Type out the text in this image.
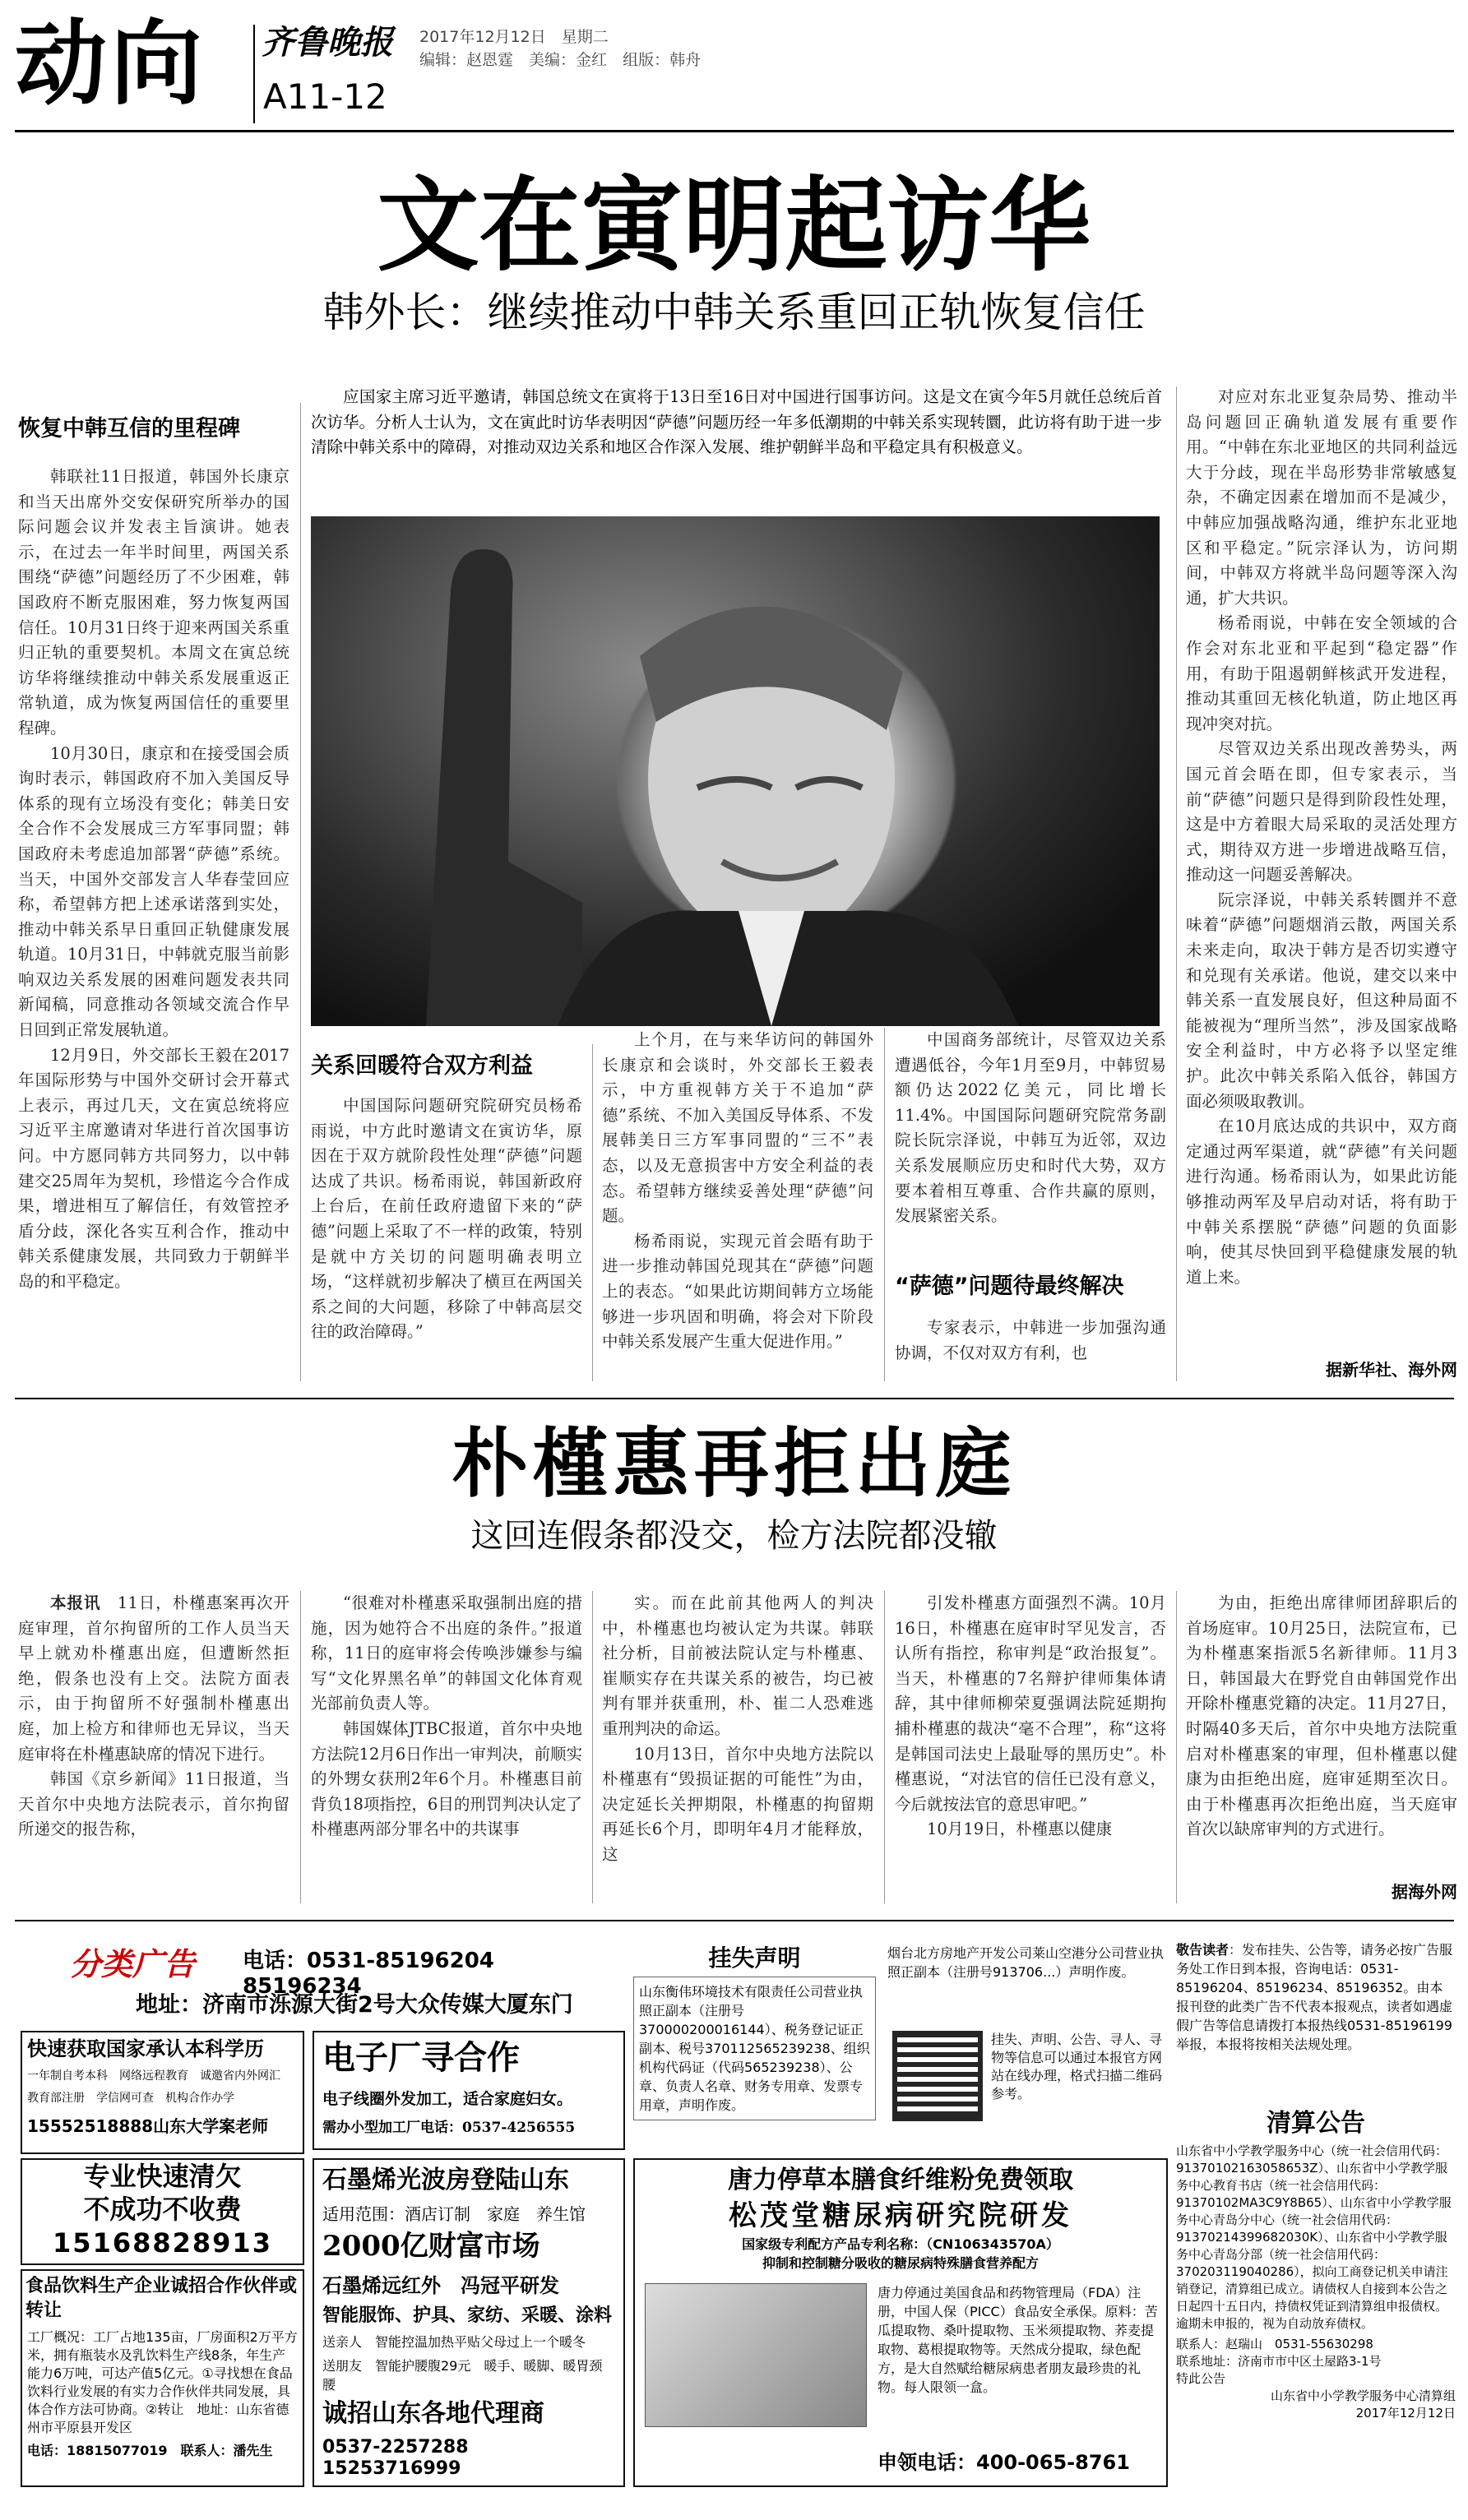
动向	齐鲁晚报	2017年12月12日　 星期二
编辑：赵恩霆　 美编：金红　 组版：韩舟
A11-12
文在寅明起访华
韩外长：继续推动中韩关系重回正轨恢复信任
恢复中韩互信的里程碑

韩联社11日报道，韩国外长康京和当天出席外交安保研究所举办的国际问题会议并发表主旨演讲。她表示，在过去一年半时间里，两国关系围绕“萨德”问题经历了不少困难，韩国政府不断克服困难，努力恢复两国信任。10月31日终于迎来两国关系重归正轨的重要契机。本周文在寅总统访华将继续推动中韩关系发展重返正常轨道，成为恢复两国信任的重要里程碑。

10月30日，康京和在接受国会质询时表示，韩国政府不加入美国反导体系的现有立场没有变化；韩美日安全合作不会发展成三方军事同盟；韩国政府未考虑追加部署“萨德”系统。当天，中国外交部发言人华春莹回应称，希望韩方把上述承诺落到实处，推动中韩关系早日重回正轨健康发展轨道。10月31日，中韩就克服当前影响双边关系发展的困难问题发表共同新闻稿，同意推动各领域交流合作早日回到正常发展轨道。

12月9日，外交部长王毅在2017年国际形势与中国外交研讨会开幕式上表示，再过几天，文在寅总统将应习近平主席邀请对华进行首次国事访问。中方愿同韩方共同努力，以中韩建交25周年为契机，珍惜迄今合作成果，增进相互了解信任，有效管控矛盾分歧，深化各实互利合作，推动中韩关系健康发展，共同致力于朝鲜半岛的和平稳定。

应国家主席习近平邀请，韩国总统文在寅将于13日至16日对中国进行国事访问。这是文在寅今年5月就任总统后首次访华。分析人士认为，文在寅此时访华表明因“萨德”问题历经一年多低潮期的中韩关系实现转圜，此访将有助于进一步清除中韩关系中的障碍，对推动双边关系和地区合作深入发展、维护朝鲜半岛和平稳定具有积极意义。
关系回暖符合双方利益

中国国际问题研究院研究员杨希雨说，中方此时邀请文在寅访华，原因在于双方就阶段性处理“萨德”问题达成了共识。杨希雨说，韩国新政府上台后，在前任政府遗留下来的“萨德”问题上采取了不一样的政策，特别是就中方关切的问题明确表明立场，“这样就初步解决了横亘在两国关系之间的大问题，移除了中韩高层交往的政治障碍。”

上个月，在与来华访问的韩国外长康京和会谈时，外交部长王毅表示，中方重视韩方关于不追加“萨德”系统、不加入美国反导体系、不发展韩美日三方军事同盟的“三不”表态，以及无意损害中方安全利益的表态。希望韩方继续妥善处理“萨德”问题。

杨希雨说，实现元首会晤有助于进一步推动韩国兑现其在“萨德”问题上的表态。“如果此访期间韩方立场能够进一步巩固和明确，将会对下阶段中韩关系发展产生重大促进作用。”

中国商务部统计，尽管双边关系遭遇低谷，今年1月至9月，中韩贸易额仍达2022亿美元，同比增长11.4%。中国国际问题研究院常务副院长阮宗泽说，中韩互为近邻，双边关系发展顺应历史和时代大势，双方要本着相互尊重、合作共赢的原则，发展紧密关系。

“萨德”问题待最终解决

专家表示，中韩进一步加强沟通协调，不仅对双方有利，也

对应对东北亚复杂局势、推动半岛问题回正确轨道发展有重要作用。“中韩在东北亚地区的共同利益远大于分歧，现在半岛形势非常敏感复杂，不确定因素在增加而不是减少，中韩应加强战略沟通，维护东北亚地区和平稳定。”阮宗泽认为，访问期间，中韩双方将就半岛问题等深入沟通，扩大共识。

杨希雨说，中韩在安全领域的合作会对东北亚和平起到“稳定器”作用，有助于阻遏朝鲜核武开发进程，推动其重回无核化轨道，防止地区再现冲突对抗。

尽管双边关系出现改善势头，两国元首会晤在即，但专家表示，当前“萨德”问题只是得到阶段性处理，这是中方着眼大局采取的灵活处理方式，期待双方进一步增进战略互信，推动这一问题妥善解决。

阮宗泽说，中韩关系转圜并不意味着“萨德”问题烟消云散，两国关系未来走向，取决于韩方是否切实遵守和兑现有关承诺。他说，建交以来中韩关系一直发展良好，但这种局面不能被视为“理所当然”，涉及国家战略安全利益时，中方必将予以坚定维护。此次中韩关系陷入低谷，韩国方面必须吸取教训。

在10月底达成的共识中，双方商定通过两军渠道，就“萨德”有关问题进行沟通。杨希雨认为，如果此访能够推动两军及早启动对话，将有助于中韩关系摆脱“萨德”问题的负面影响，使其尽快回到平稳健康发展的轨道上来。

据新华社、海外网
朴槿惠再拒出庭
这回连假条都没交，检方法院都没辙

本报讯　 11日，朴槿惠案再次开庭审理，首尔拘留所的工作人员当天早上就劝朴槿惠出庭，但遭断然拒绝，假条也没有上交。法院方面表示，由于拘留所不好强制朴槿惠出庭，加上检方和律师也无异议，当天庭审将在朴槿惠缺席的情况下进行。

韩国《京乡新闻》11日报道，当天首尔中央地方法院表示，首尔拘留所递交的报告称，

“很难对朴槿惠采取强制出庭的措施，因为她符合不出庭的条件。”报道称，11日的庭审将会传唤涉嫌参与编写“文化界黑名单”的韩国文化体育观光部前负责人等。

韩国媒体JTBC报道，首尔中央地方法院12月6日作出一审判决，前顺实的外甥女获刑2年6个月。朴槿惠目前背负18项指控，6目的刑罚判决认定了朴槿惠两部分罪名中的共谋事

实。而在此前其他两人的判决中，朴槿惠也均被认定为共谋。韩联社分析，目前被法院认定与朴槿惠、崔顺实存在共谋关系的被告，均已被判有罪并获重刑，朴、崔二人恐难逃重刑判决的命运。

10月13日，首尔中央地方法院以朴槿惠有“毁损证据的可能性”为由，决定延长关押期限，朴槿惠的拘留期再延长6个月，即明年4月才能释放，这

引发朴槿惠方面强烈不满。10月16日，朴槿惠在庭审时罕见发言，否认所有指控，称审判是“政治报复”。当天，朴槿惠的7名辩护律师集体请辞，其中律师柳荣夏强调法院延期拘捕朴槿惠的裁决“毫不合理”，称“这将是韩国司法史上最耻辱的黑历史”。朴槿惠说，“对法官的信任已没有意义，今后就按法官的意思审吧。”

10月19日，朴槿惠以健康

为由，拒绝出席律师团辞职后的首场庭审。10月25日，法院宣布，已为朴槿惠案指派5名新律师。11月3日，韩国最大在野党自由韩国党作出开除朴槿惠党籍的决定。11月27日，时隔40多天后，首尔中央地方法院重启对朴槿惠案的审理，但朴槿惠以健康为由拒绝出庭，庭审延期至次日。由于朴槿惠再次拒绝出庭，当天庭审首次以缺席审判的方式进行。

据海外网
分类广告	电话：0531-85196204　85196234
地址：济南市泺源大街2号大众传媒大厦东门
快速获取国家承认本科学历
一年制自考本科　网络远程教育　诚邀省内外网汇
教育部注册　学信网可查　机构合作办学
15552518888山东大学案老师
专业快速清欠
不成功不收费
15168828913
食品饮料生产企业诚招合作伙伴或转让
工厂概况：工厂占地135亩，厂房面积2万平方米，拥有瓶装水及乳饮料生产线8条，年生产能力6万吨，可达产值5亿元。①寻找想在食品饮料行业发展的有实力合作伙伴共同发展，具体合作方法可协商。②转让　地址：山东省德州市平原县开发区
电话：18815077019　联系人：潘先生
电子厂寻合作
电子线圈外发加工，适合家庭妇女。
需办小型加工厂电话：0537-4256555
石墨烯光波房登陆山东
适用范围：酒店订制　家庭　养生馆
2000亿财富市场
石墨烯远红外　冯冠平研发
智能服饰、护具、家纺、采暖、涂料
送亲人　智能控温加热平贴父母过上一个暖冬
送朋友　智能护腰腹29元　暖手、暖脚、暖胃颈腰
诚招山东各地代理商
0537-2257288　15253716999
挂失声明
山东衡伟环境技术有限责任公司营业执照正副本（注册号370000200016144）、税务登记证正副本、税号370112565239238、组织机构代码证（代码565239238）、公章、负责人名章、财务专用章、发票专用章，声明作废。
烟台北方房地产开发公司莱山空港分公司营业执照正副本（注册号913706...）声明作废。
挂失、声明、公告、寻人、寻物等信息可以通过本报官方网站在线办理，格式扫描二维码参考。
敬告读者：发布挂失、公告等，请务必按广告服务处工作日到本报，咨询电话：0531-85196204、85196234、85196352。由本报刊登的此类广告不代表本报观点，读者如遇虚假广告等信息请拨打本报热线0531-85196199举报，本报将按相关法规处理。
唐力停草本膳食纤维粉免费领取
松茂堂糖尿病研究院研发
国家级专利配方产品专利名称：（CN106343570A）
抑制和控制糖分吸收的糖尿病特殊膳食营养配方
唐力停通过美国食品和药物管理局（FDA）注册，中国人保（PICC）食品安全承保。原料：苦瓜提取物、桑叶提取物、玉米须提取物、荞麦提取物、葛根提取物等。天然成分提取，绿色配方，是大自然赋给糖尿病患者朋友最珍贵的礼物。每人限领一盒。
申领电话：400-065-8761
清算公告
山东省中小学教学服务中心（统一社会信用代码：91370102163058653Z）、山东省中小学教学服务中心教育书店（统一社会信用代码：91370102MA3C9Y8B65）、山东省中小学教学服务中心青岛分中心（统一社会信用代码：91370214399682030K）、山东省中小学教学服务中心青岛分部（统一社会信用代码：370203119040286），拟向工商登记机关申请注销登记，清算组已成立。请债权人自接到本公告之日起四十五日内，持债权凭证到清算组申报债权。逾期未申报的，视为自动放弃债权。
联系人：赵瑞山　0531-55630298
联系地址：济南市市中区土屋路3-1号
特此公告
山东省中小学教学服务中心清算组
2017年12月12日
